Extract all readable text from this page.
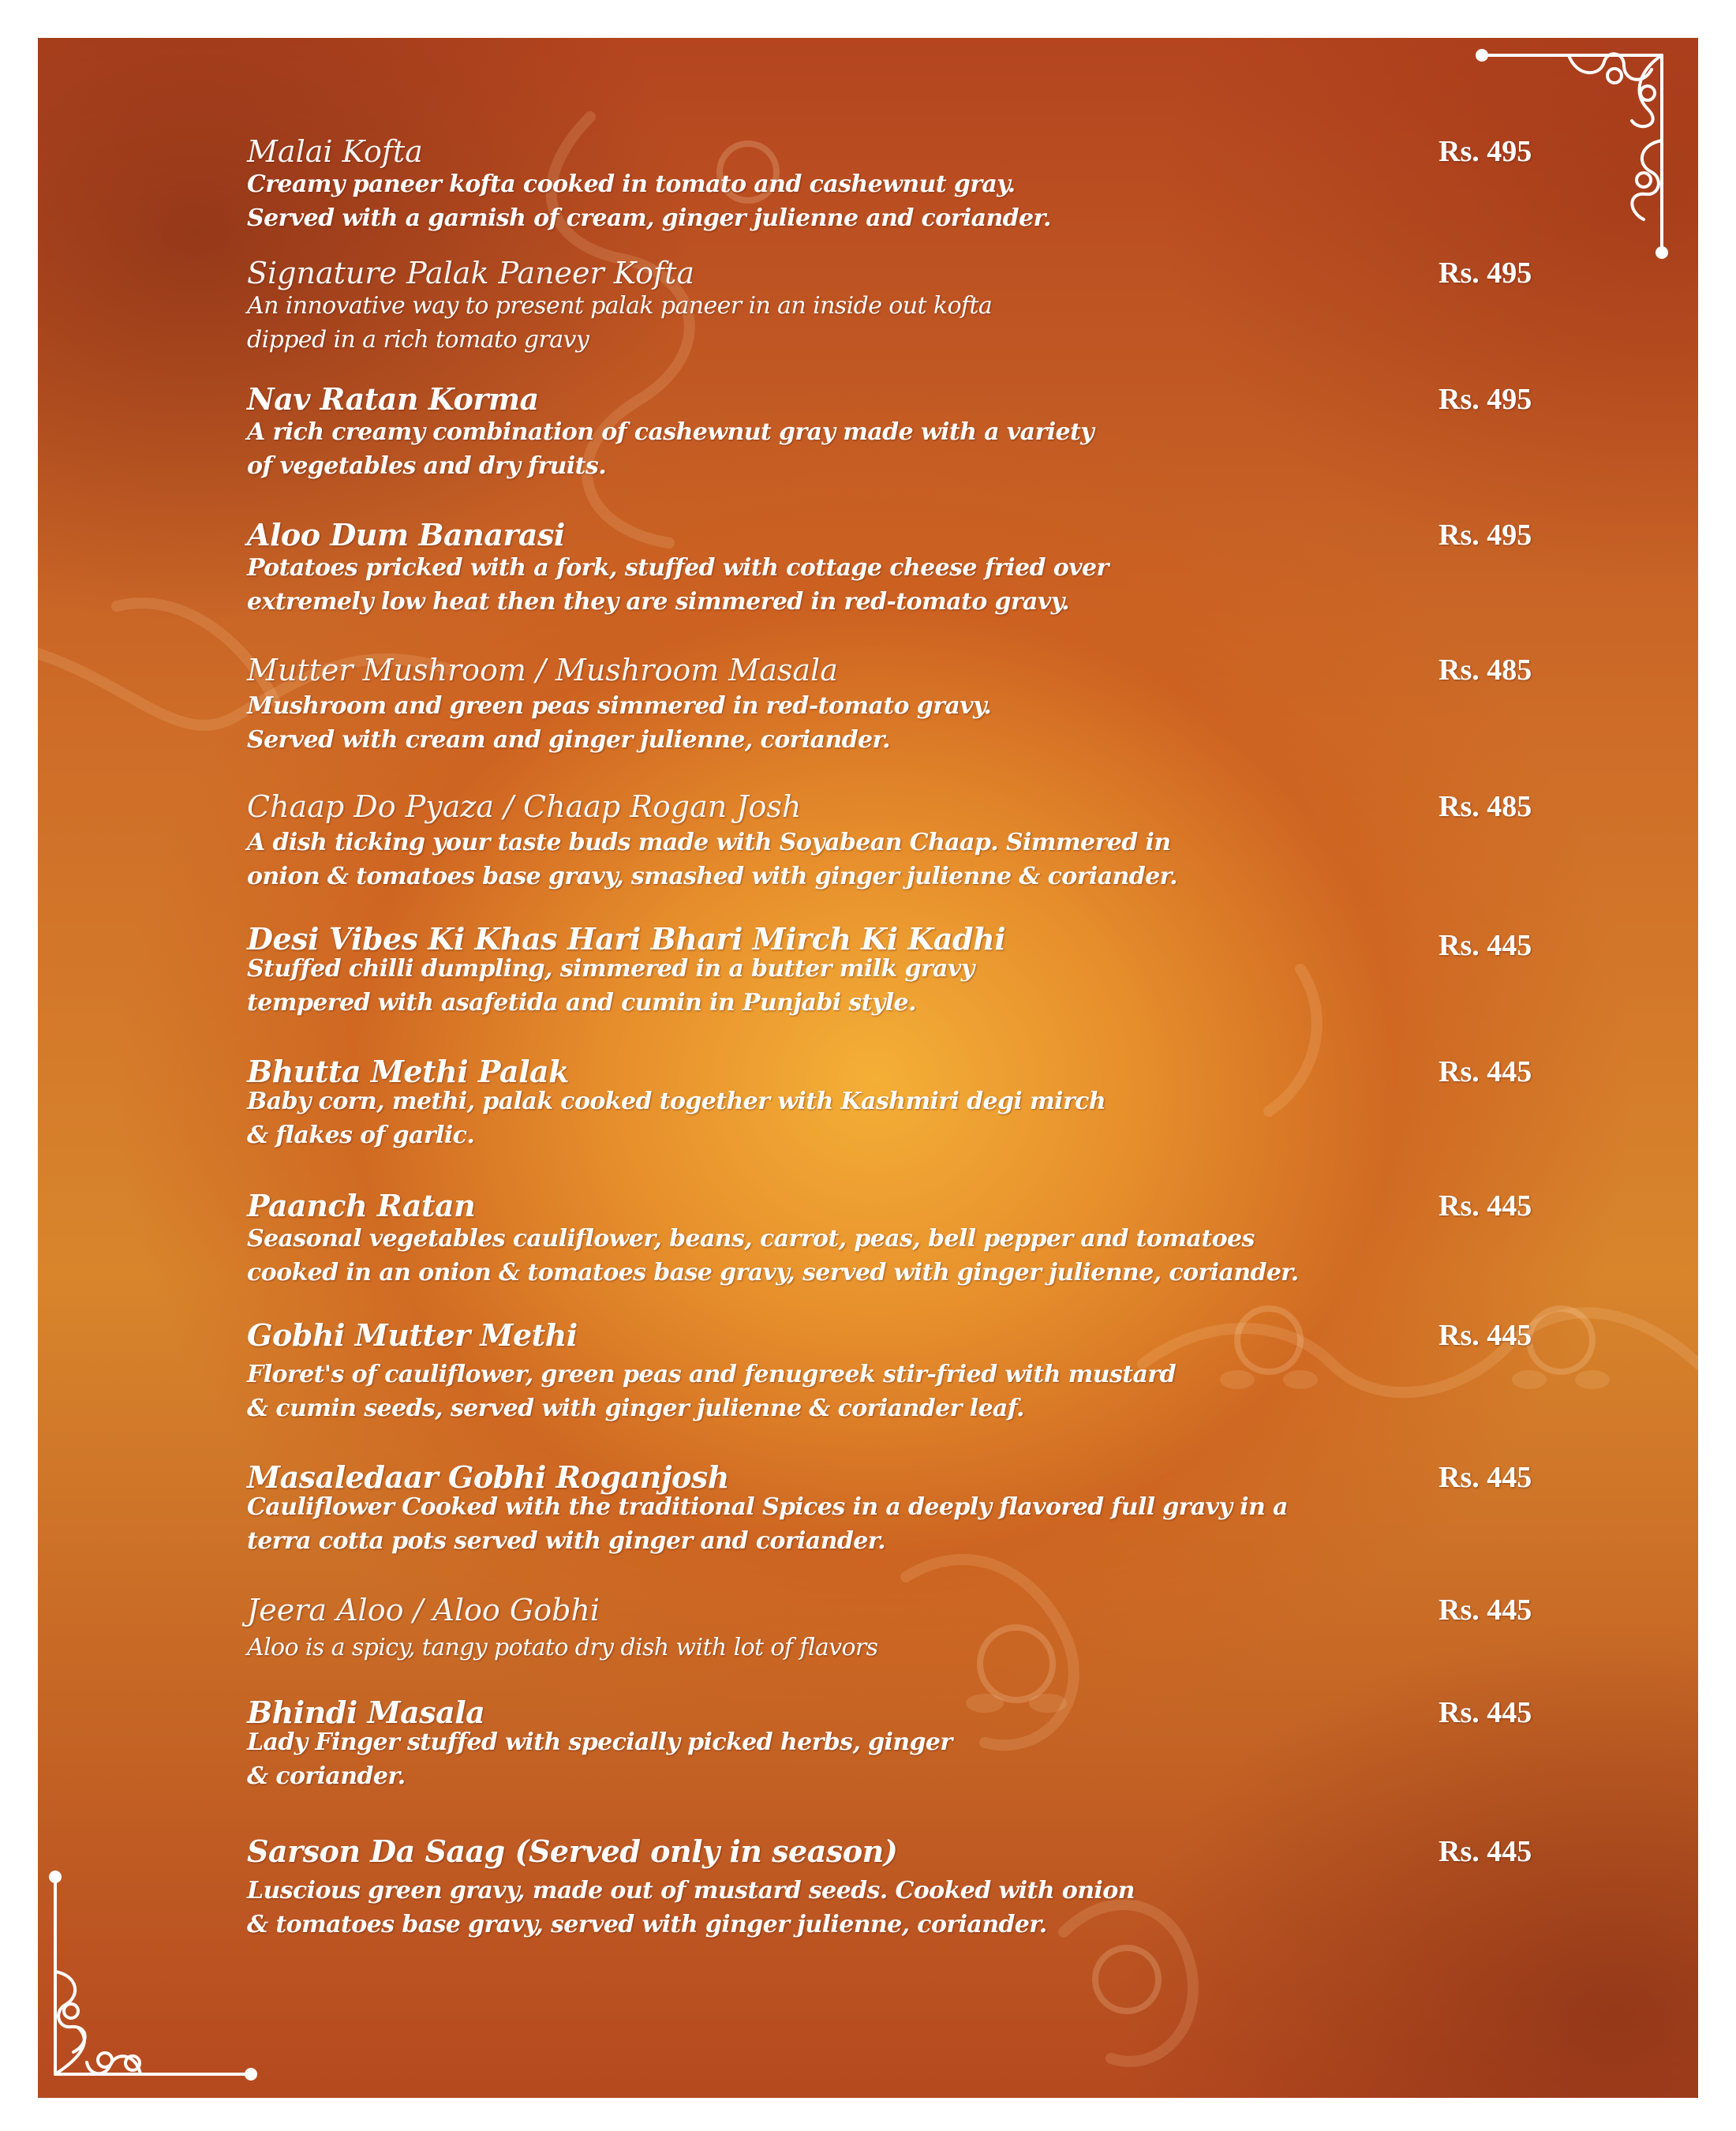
Malai Kofta	Rs. 495
Creamy paneer kofta cooked in tomato and cashewnut gray.
Served with a garnish of cream, ginger julienne and coriander.
Signature Palak Paneer Kofta	Rs. 495
An innovative way to present palak paneer in an inside out kofta
dipped in a rich tomato gravy
Nav Ratan Korma	Rs. 495
A rich creamy combination of cashewnut gray made with a variety
of vegetables and dry fruits.
Aloo Dum Banarasi	Rs. 495
Potatoes pricked with a fork, stuffed with cottage cheese fried over
extremely low heat then they are simmered in red-tomato gravy.
Mutter Mushroom / Mushroom Masala	Rs. 485
Mushroom and green peas simmered in red-tomato gravy.
Served with cream and ginger julienne, coriander.
Chaap Do Pyaza / Chaap Rogan Josh	Rs. 485
A dish ticking your taste buds made with Soyabean Chaap. Simmered in
onion & tomatoes base gravy, smashed with ginger julienne & coriander.
Desi Vibes Ki Khas Hari Bhari Mirch Ki Kadhi	Rs. 445
Stuffed chilli dumpling, simmered in a butter milk gravy
tempered with asafetida and cumin in Punjabi style.
Bhutta Methi Palak	Rs. 445
Baby corn, methi, palak cooked together with Kashmiri degi mirch
& flakes of garlic.
Paanch Ratan	Rs. 445
Seasonal vegetables cauliflower, beans, carrot, peas, bell pepper and tomatoes
cooked in an onion & tomatoes base gravy, served with ginger julienne, coriander.
Gobhi Mutter Methi	Rs. 445
Floret's of cauliflower, green peas and fenugreek stir-fried with mustard
& cumin seeds, served with ginger julienne & coriander leaf.
Masaledaar Gobhi Roganjosh	Rs. 445
Cauliflower Cooked with the traditional Spices in a deeply flavored full gravy in a
terra cotta pots served with ginger and coriander.
Jeera Aloo / Aloo Gobhi	Rs. 445
Aloo is a spicy, tangy potato dry dish with lot of flavors
Bhindi Masala	Rs. 445
Lady Finger stuffed with specially picked herbs, ginger
& coriander.
Sarson Da Saag (Served only in season)	Rs. 445
Luscious green gravy, made out of mustard seeds. Cooked with onion
& tomatoes base gravy, served with ginger julienne, coriander.
